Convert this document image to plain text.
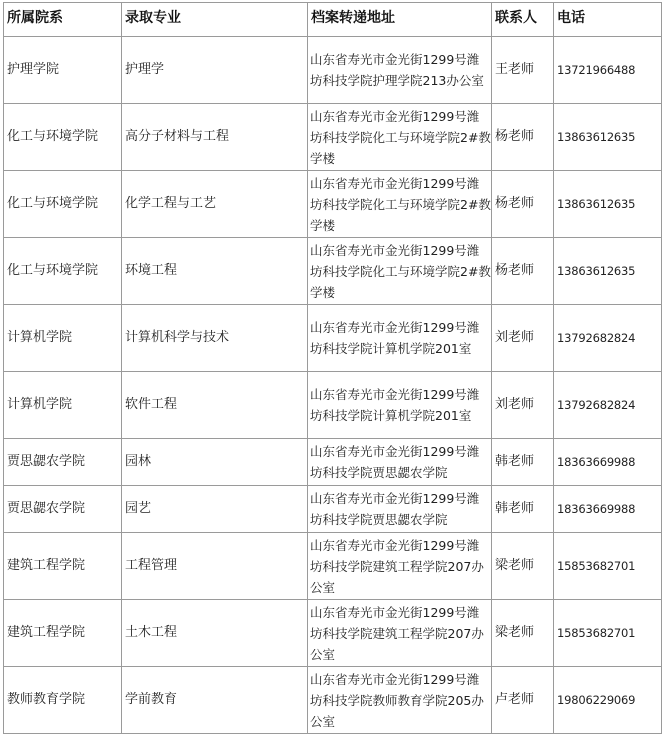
所属院系	录取专业	档案转递地址	联系人	电话
护理学院	护理学	山东省寿光市金光街1299号潍坊科技学院护理学院213办公室	王老师	13721966488
化工与环境学院	高分子材料与工程	山东省寿光市金光街1299号潍坊科技学院化工与环境学院2#教学楼	杨老师	13863612635
化工与环境学院	化学工程与工艺	山东省寿光市金光街1299号潍坊科技学院化工与环境学院2#教学楼	杨老师	13863612635
化工与环境学院	环境工程	山东省寿光市金光街1299号潍坊科技学院化工与环境学院2#教学楼	杨老师	13863612635
计算机学院	计算机科学与技术	山东省寿光市金光街1299号潍坊科技学院计算机学院201室	刘老师	13792682824
计算机学院	软件工程	山东省寿光市金光街1299号潍坊科技学院计算机学院201室	刘老师	13792682824
贾思勰农学院	园林	山东省寿光市金光街1299号潍坊科技学院贾思勰农学院	韩老师	18363669988
贾思勰农学院	园艺	山东省寿光市金光街1299号潍坊科技学院贾思勰农学院	韩老师	18363669988
建筑工程学院	工程管理	山东省寿光市金光街1299号潍坊科技学院建筑工程学院207办公室	梁老师	15853682701
建筑工程学院	土木工程	山东省寿光市金光街1299号潍坊科技学院建筑工程学院207办公室	梁老师	15853682701
教师教育学院	学前教育	山东省寿光市金光街1299号潍坊科技学院教师教育学院205办公室	卢老师	19806229069
